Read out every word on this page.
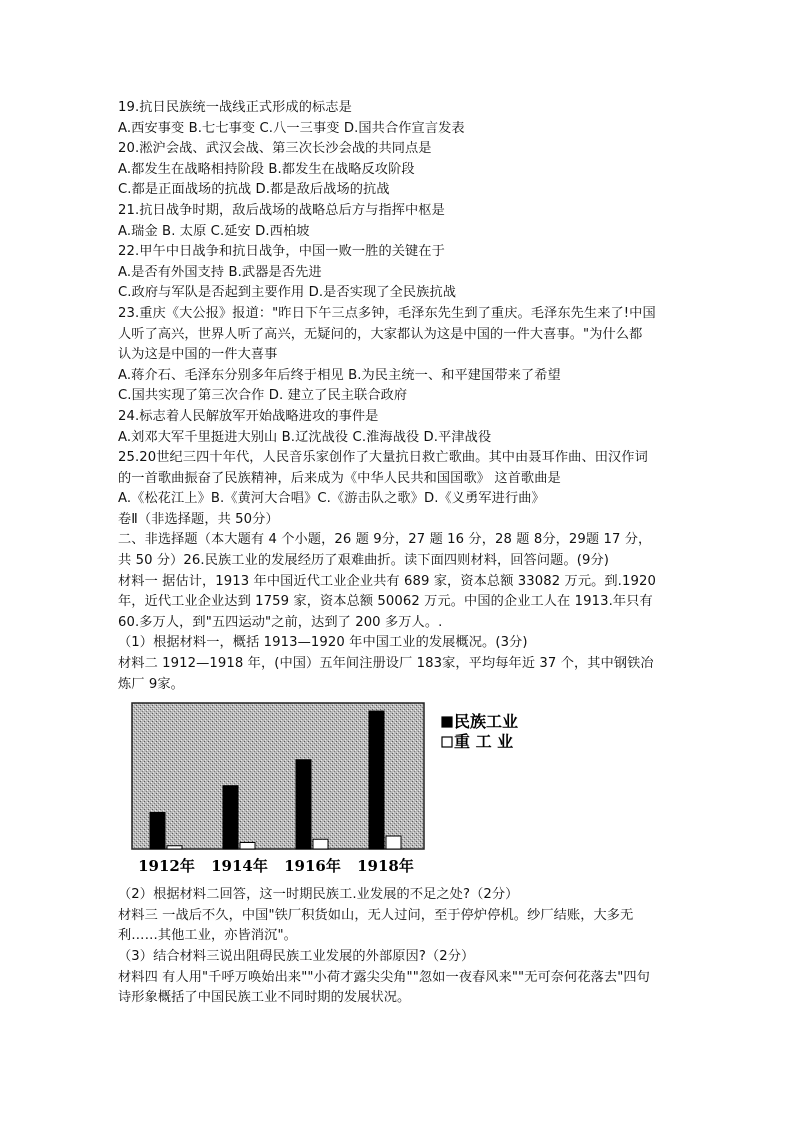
19.抗日民族统一战线正式形成的标志是
A.西安事变 B.七七事变 C.八一三事变 D.国共合作宣言发表
20.淞沪会战、武汉会战、第三次长沙会战的共同点是
A.都发生在战略相持阶段 B.都发生在战略反攻阶段
C.都是正面战场的抗战 D.都是敌后战场的抗战
21.抗日战争时期，敌后战场的战略总后方与指挥中枢是
A.瑞金 B. 太原 C.延安 D.西柏坡
22.甲午中日战争和抗日战争，中国一败一胜的关键在于
A.是否有外国支持 B.武器是否先进
C.政府与军队是否起到主要作用 D.是否实现了全民族抗战
23.重庆《大公报》报道："昨日下午三点多钟，毛泽东先生到了重庆。毛泽东先生来了!中国
人听了高兴，世界人听了高兴，无疑问的，大家都认为这是中国的一件大喜事。"为什么都
认为这是中国的一件大喜事
A.蒋介石、毛泽东分别多年后终于相见 B.为民主统一、和平建国带来了希望
C.国共实现了第三次合作 D. 建立了民主联合政府
24.标志着人民解放军开始战略进攻的事件是
A.刘邓大军千里挺进大别山 B.辽沈战役 C.淮海战役 D.平津战役
25.20世纪三四十年代，人民音乐家创作了大量抗日救亡歌曲。其中由聂耳作曲、田汉作词
的一首歌曲振奋了民族精神，后来成为《中华人民共和国国歌》 这首歌曲是
A.《松花江上》B.《黄河大合唱》C.《游击队之歌》D.《义勇军进行曲》
卷Ⅱ（非选择题，共 50分）
二、非选择题（本大题有 4 个小题，26 题 9分，27 题 16 分，28 题 8分，29题 17 分，
共 50 分）26.民族工业的发展经历了艰难曲折。读下面四则材料，回答问题。(9分)
材料一 据估计，1913 年中国近代工业企业共有 689 家，资本总额 33082 万元。到.1920
年，近代工业企业达到 1759 家，资本总额 50062 万元。中国的企业工人在 1913.年只有
60.多万人，到"五四运动"之前，达到了 200 多万人。.
（1）根据材料一，概括 1913—1920 年中国工业的发展概况。(3分)
材料二 1912—1918 年，(中国）五年间注册设厂 183家，平均每年近 37 个，其中钢铁冶
炼厂 9家。
1912年 1914年 1916年 1918年
民族工业
重 工 业
（2）根据材料二回答，这一时期民族工.业发展的不足之处?（2分）
材料三 一战后不久，中国"铁厂积货如山，无人过问，至于停炉停机。纱厂结账，大多无
利……其他工业，亦皆消沉"。
（3）结合材料三说出阻碍民族工业发展的外部原因?（2分）
材料四 有人用"千呼万唤始出来""小荷才露尖尖角""忽如一夜春风来""无可奈何花落去"四句
诗形象概括了中国民族工业不同时期的发展状况。
